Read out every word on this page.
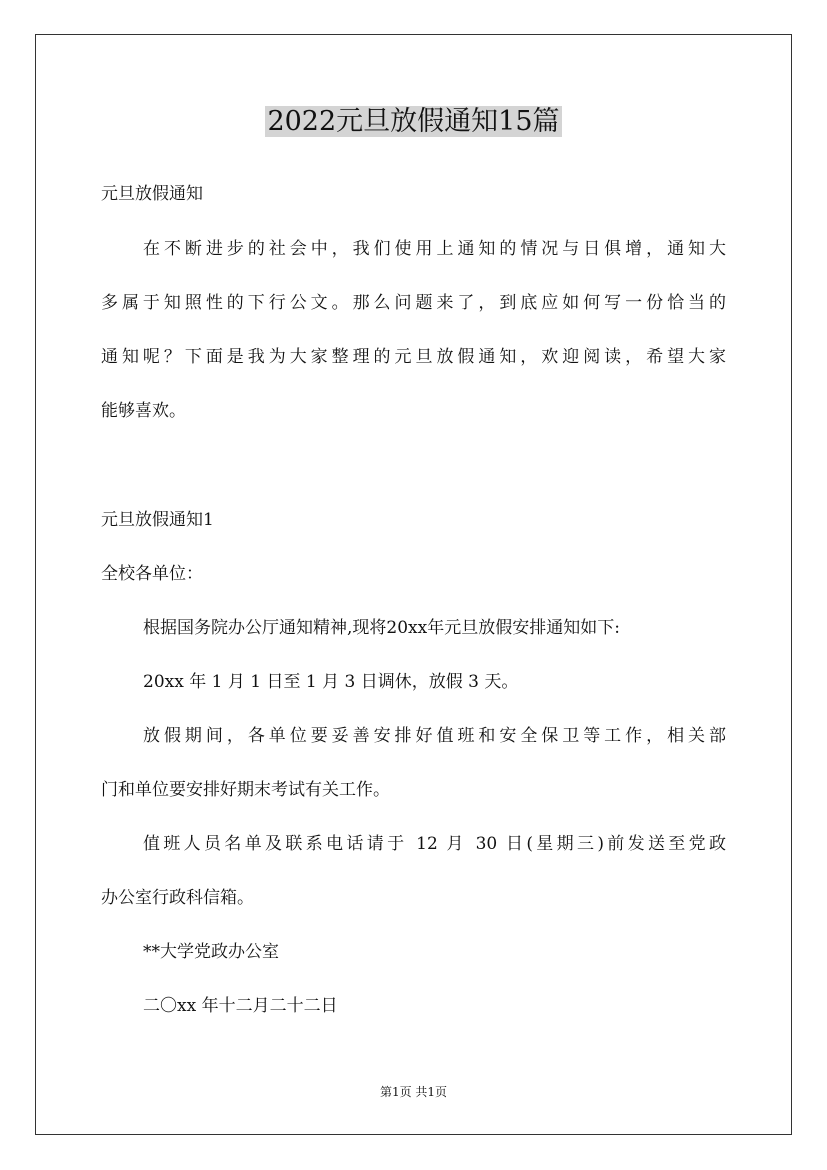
2022元旦放假通知15篇

元旦放假通知

在不断进步的社会中，我们使用上通知的情况与日俱增，通知大

多属于知照性的下行公文。那么问题来了，到底应如何写一份恰当的

通知呢？下面是我为大家整理的元旦放假通知，欢迎阅读，希望大家

能够喜欢。

元旦放假通知1

全校各单位：

根据国务院办公厅通知精神,现将20xx年元旦放假安排通知如下:

20xx 年 1 月 1 日至 1 月 3 日调休，放假 3 天。

放假期间，各单位要妥善安排好值班和安全保卫等工作，相关部

门和单位要安排好期末考试有关工作。

值班人员名单及联系电话请于 12 月 30 日(星期三)前发送至党政

办公室行政科信箱。

**大学党政办公室

二〇xx 年十二月二十二日

第1页 共1页
